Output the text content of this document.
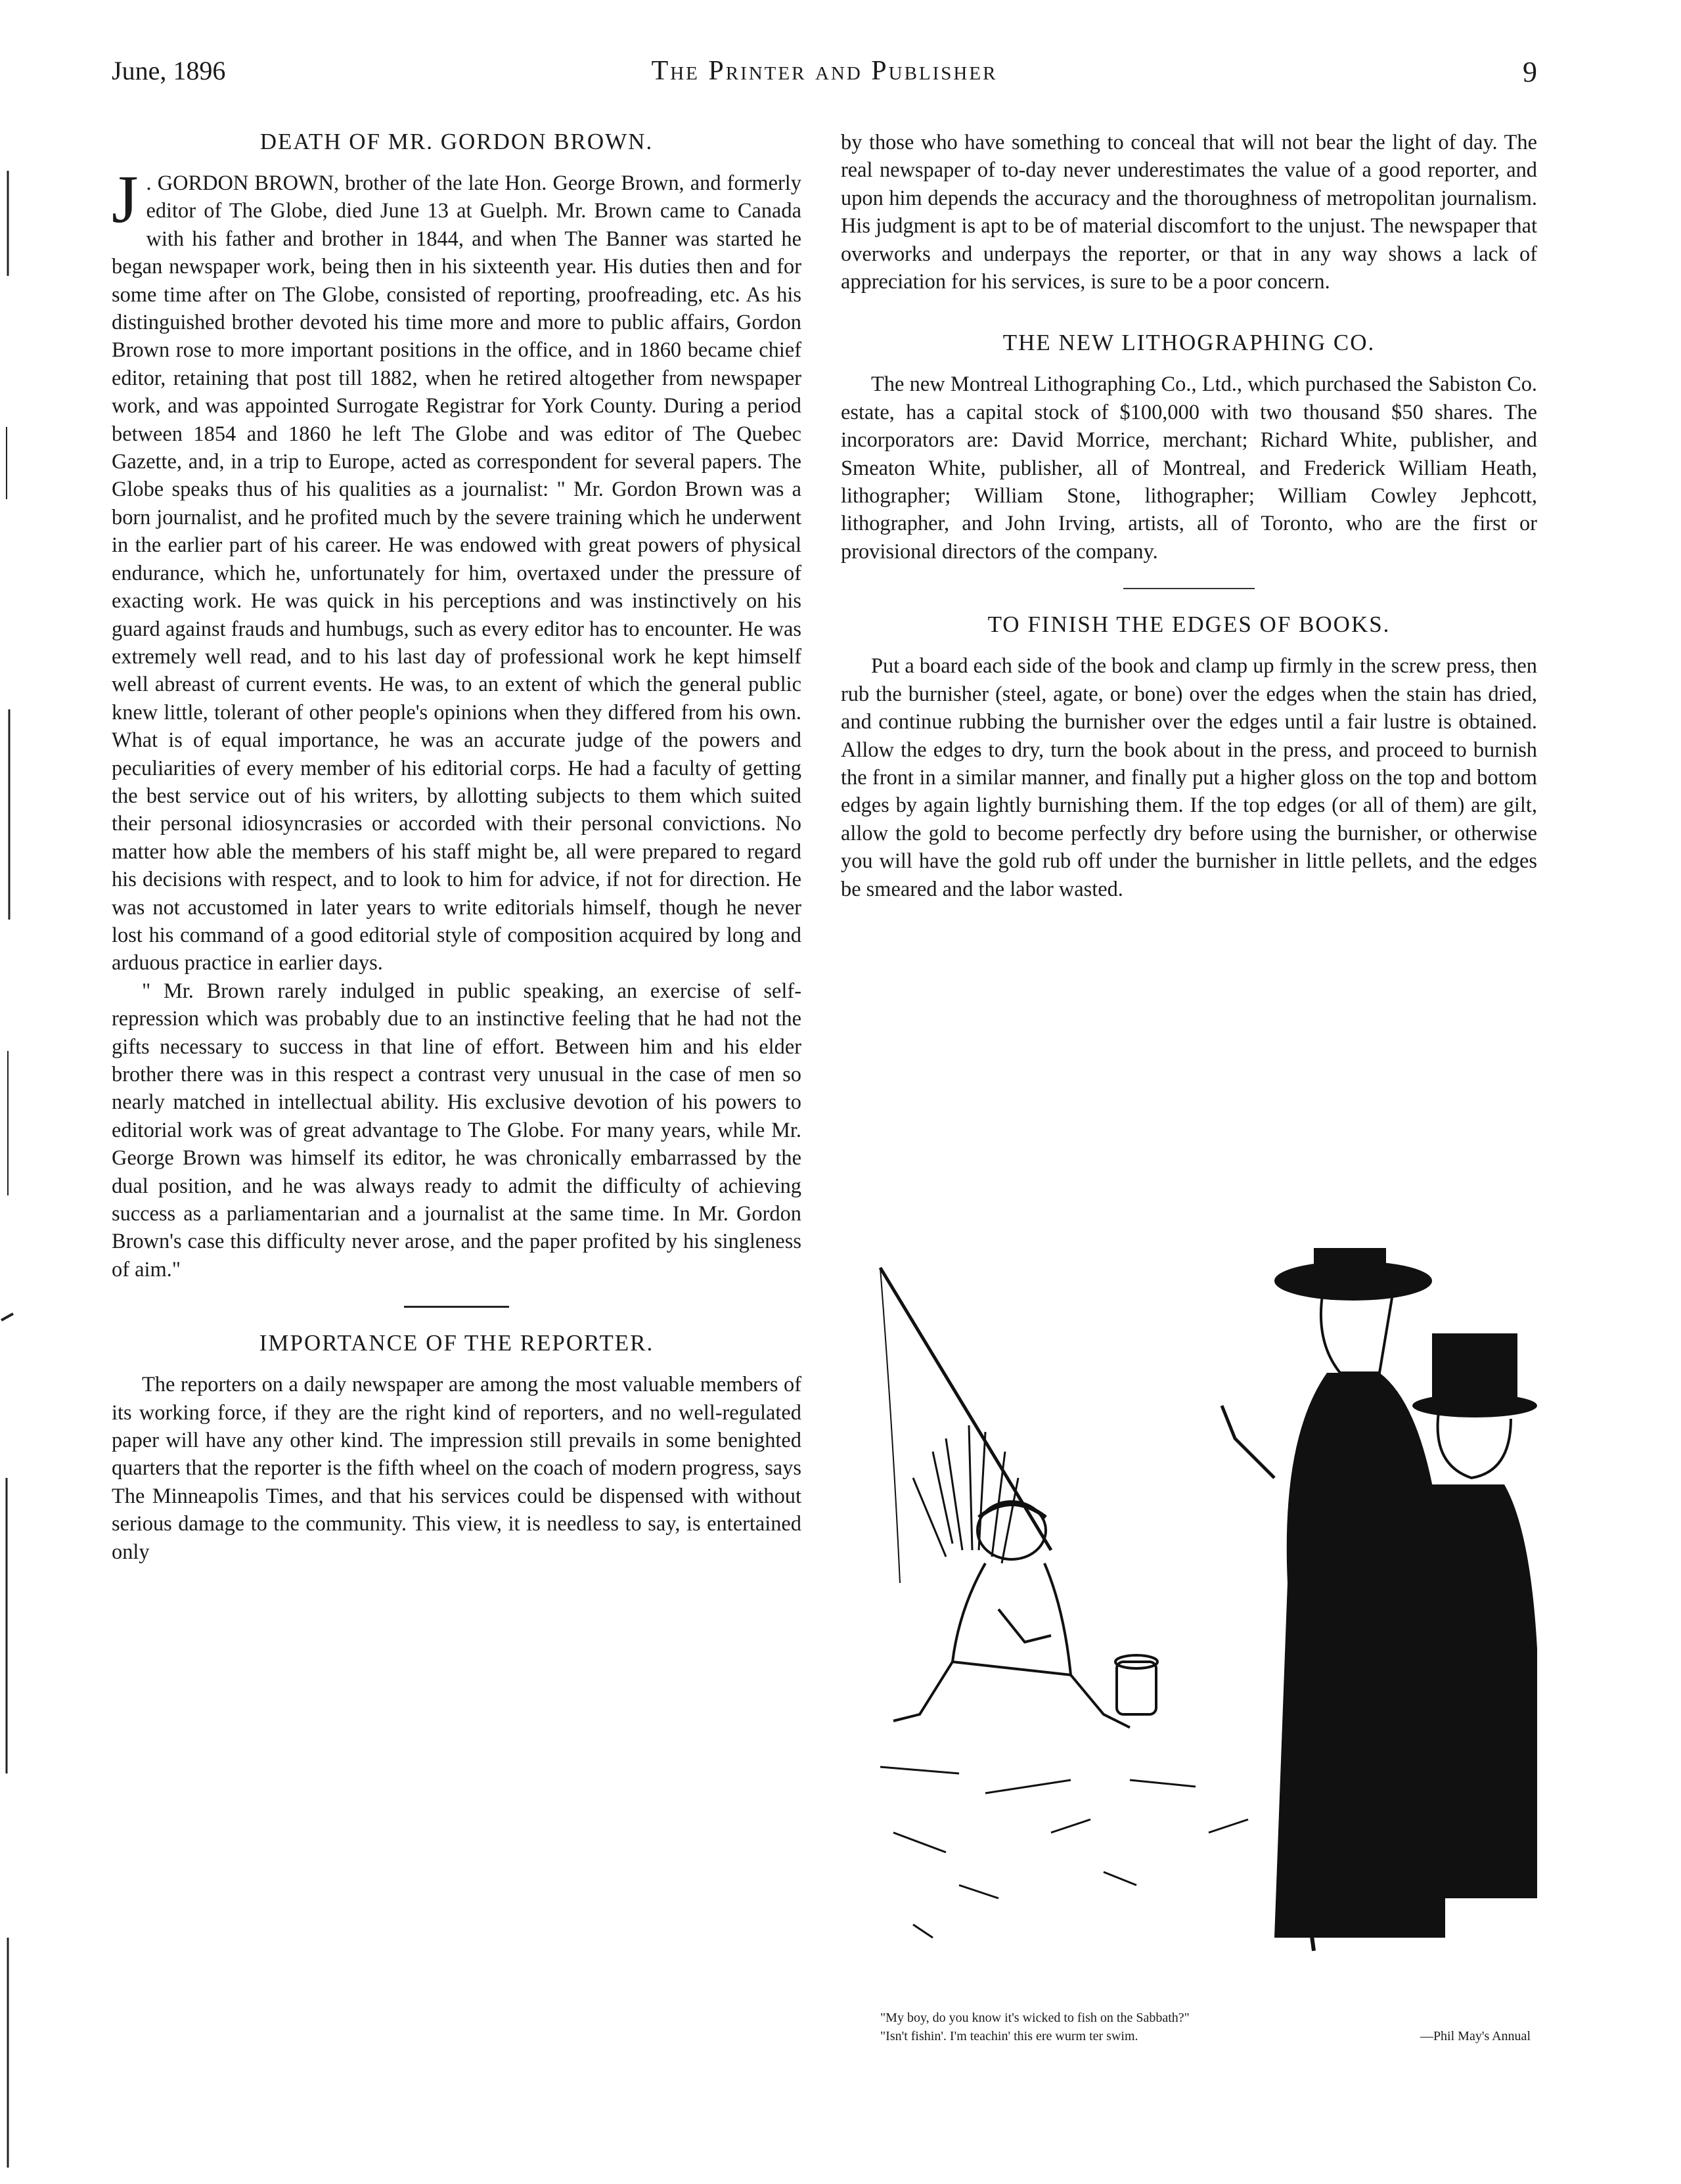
June, 1896	The Printer and Publisher	9
DEATH OF MR. GORDON BROWN.

J . GORDON BROWN, brother of the late Hon. George Brown, and formerly editor of The Globe, died June 13 at Guelph. Mr. Brown came to Canada with his father and brother in 1844, and when The Banner was started he began newspaper work, being then in his sixteenth year. His duties then and for some time after on The Globe, consisted of reporting, proofreading, etc. As his distinguished brother devoted his time more and more to public affairs, Gordon Brown rose to more important positions in the office, and in 1860 became chief editor, retaining that post till 1882, when he retired altogether from newspaper work, and was appointed Surrogate Registrar for York County. During a period between 1854 and 1860 he left The Globe and was editor of The Quebec Gazette, and, in a trip to Europe, acted as correspondent for several papers. The Globe speaks thus of his qualities as a journalist: " Mr. Gordon Brown was a born journalist, and he profited much by the severe training which he underwent in the earlier part of his career. He was endowed with great powers of physical endurance, which he, unfortunately for him, overtaxed under the pressure of exacting work. He was quick in his perceptions and was instinctively on his guard against frauds and humbugs, such as every editor has to encounter. He was extremely well read, and to his last day of professional work he kept himself well abreast of current events. He was, to an extent of which the general public knew little, tolerant of other people's opinions when they differed from his own. What is of equal importance, he was an accurate judge of the powers and peculiarities of every member of his editorial corps. He had a faculty of getting the best service out of his writers, by allotting subjects to them which suited their personal idiosyncrasies or accorded with their personal convictions. No matter how able the members of his staff might be, all were prepared to regard his decisions with respect, and to look to him for advice, if not for direction. He was not accustomed in later years to write editorials himself, though he never lost his command of a good editorial style of composition acquired by long and arduous practice in earlier days.

" Mr. Brown rarely indulged in public speaking, an exercise of self-repression which was probably due to an instinctive feeling that he had not the gifts necessary to success in that line of effort. Between him and his elder brother there was in this respect a contrast very unusual in the case of men so nearly matched in intellectual ability. His exclusive devotion of his powers to editorial work was of great advantage to The Globe. For many years, while Mr. George Brown was himself its editor, he was chronically embarrassed by the dual position, and he was always ready to admit the difficulty of achieving success as a parliamentarian and a journalist at the same time. In Mr. Gordon Brown's case this difficulty never arose, and the paper profited by his singleness of aim."

IMPORTANCE OF THE REPORTER.

The reporters on a daily newspaper are among the most valuable members of its working force, if they are the right kind of reporters, and no well-regulated paper will have any other kind. The impression still prevails in some benighted quarters that the reporter is the fifth wheel on the coach of modern progress, says The Minneapolis Times, and that his services could be dispensed with without serious damage to the community. This view, it is needless to say, is entertained only

by those who have something to conceal that will not bear the light of day. The real newspaper of to-day never underestimates the value of a good reporter, and upon him depends the accuracy and the thoroughness of metropolitan journalism. His judgment is apt to be of material discomfort to the unjust. The newspaper that overworks and underpays the reporter, or that in any way shows a lack of appreciation for his services, is sure to be a poor concern.

THE NEW LITHOGRAPHING CO.

The new Montreal Lithographing Co., Ltd., which purchased the Sabiston Co. estate, has a capital stock of $100,000 with two thousand $50 shares. The incorporators are: David Morrice, merchant; Richard White, publisher, and Smeaton White, publisher, all of Montreal, and Frederick William Heath, lithographer; William Stone, lithographer; William Cowley Jephcott, lithographer, and John Irving, artists, all of Toronto, who are the first or provisional directors of the company.

TO FINISH THE EDGES OF BOOKS.

Put a board each side of the book and clamp up firmly in the screw press, then rub the burnisher (steel, agate, or bone) over the edges when the stain has dried, and continue rubbing the burnisher over the edges until a fair lustre is obtained. Allow the edges to dry, turn the book about in the press, and proceed to burnish the front in a similar manner, and finally put a higher gloss on the top and bottom edges by again lightly burnishing them. If the top edges (or all of them) are gilt, allow the gold to become perfectly dry before using the burnisher, or otherwise you will have the gold rub off under the burnisher in little pellets, and the edges be smeared and the labor wasted.

"My boy, do you know it's wicked to fish on the Sabbath?"
"Isn't fishin'. I'm teachin' this ere wurm ter swim.	—Phil May's Annual
